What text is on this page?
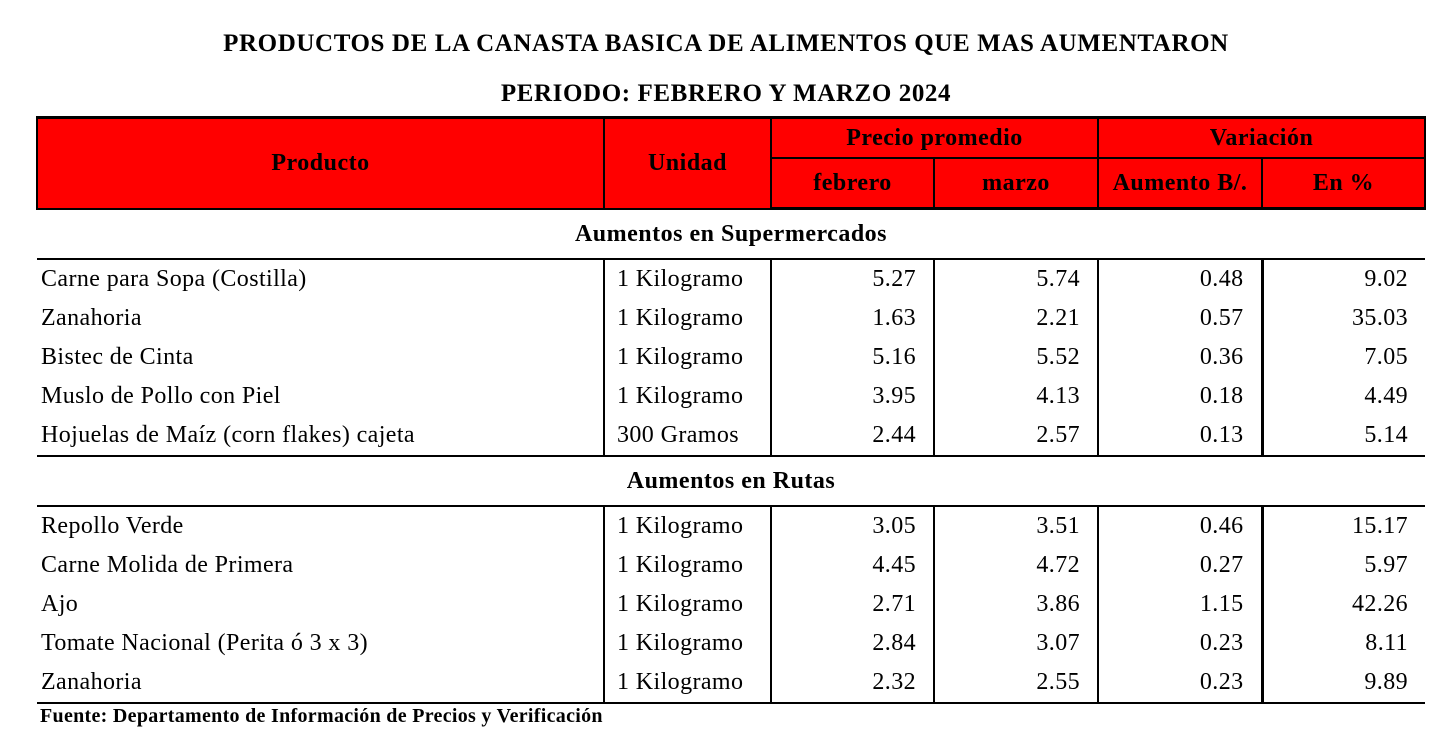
PRODUCTOS DE LA CANASTA BASICA DE ALIMENTOS QUE MAS AUMENTARON
PERIODO: FEBRERO Y MARZO 2024
Producto	Unidad	Precio promedio		Variación	
		febrero	marzo	Aumento B/.	En %
Aumentos en Supermercados					
Carne para Sopa (Costilla)	1 Kilogramo	5.27	5.74	0.48	9.02
Zanahoria	1 Kilogramo	1.63	2.21	0.57	35.03
Bistec de Cinta	1 Kilogramo	5.16	5.52	0.36	7.05
Muslo de Pollo con Piel	1 Kilogramo	3.95	4.13	0.18	4.49
Hojuelas de Maíz (corn flakes) cajeta	300 Gramos	2.44	2.57	0.13	5.14
Aumentos en Rutas					
Repollo Verde	1 Kilogramo	3.05	3.51	0.46	15.17
Carne Molida de Primera	1 Kilogramo	4.45	4.72	0.27	5.97
Ajo	1 Kilogramo	2.71	3.86	1.15	42.26
Tomate Nacional (Perita ó 3 x 3)	1 Kilogramo	2.84	3.07	0.23	8.11
Zanahoria	1 Kilogramo	2.32	2.55	0.23	9.89
Fuente: Departamento de Información de Precios y Verificación
